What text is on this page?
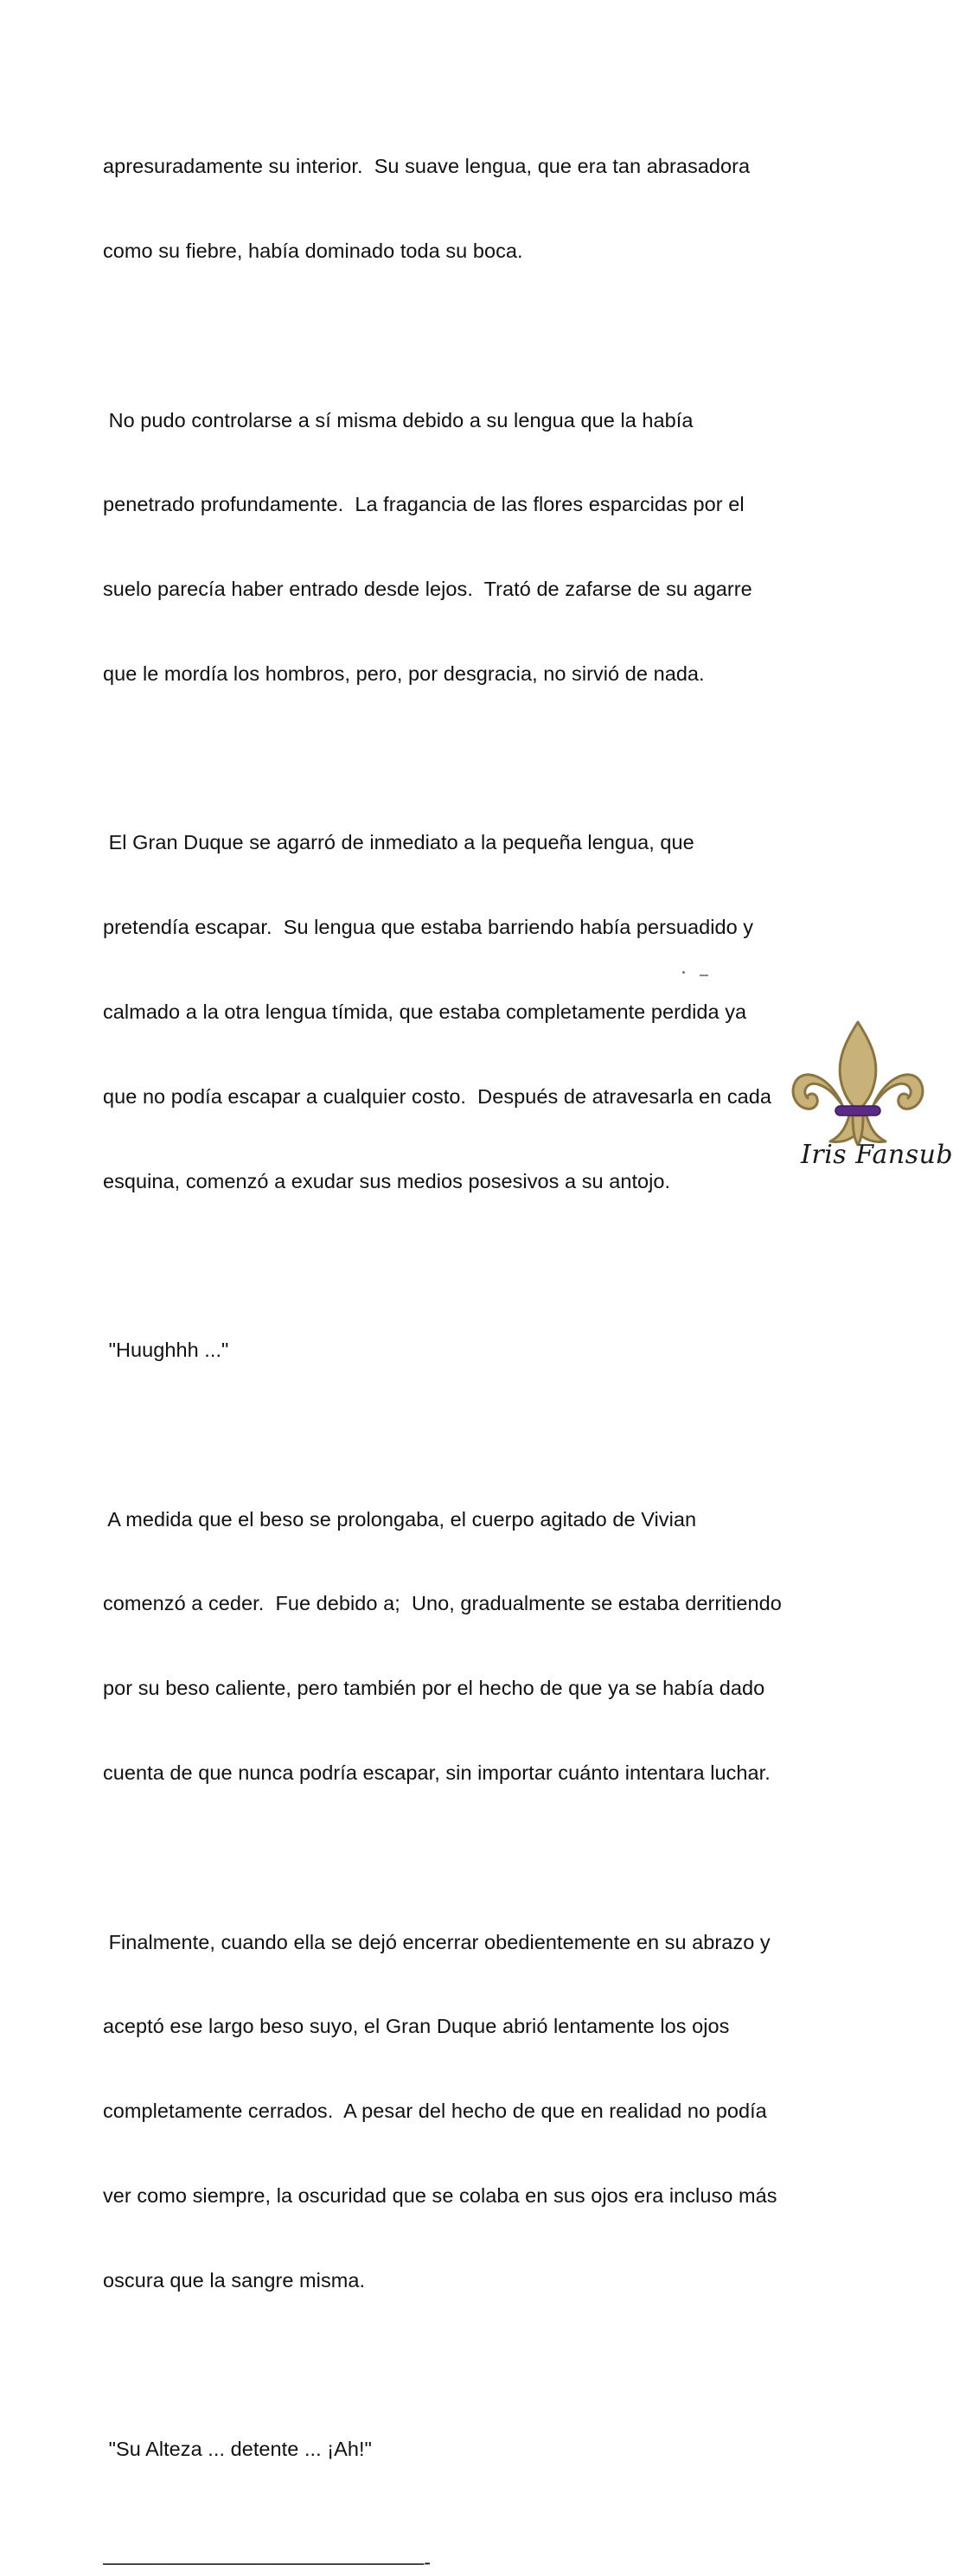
apresuradamente su interior.  Su suave lengua, que era tan abrasadora

como su fiebre, había dominado toda su boca.

No pudo controlarse a sí misma debido a su lengua que la había

penetrado profundamente.  La fragancia de las flores esparcidas por el

suelo parecía haber entrado desde lejos.  Trató de zafarse de su agarre

que le mordía los hombros, pero, por desgracia, no sirvió de nada.

El Gran Duque se agarró de inmediato a la pequeña lengua, que

pretendía escapar.  Su lengua que estaba barriendo había persuadido y

calmado a la otra lengua tímida, que estaba completamente perdida ya

que no podía escapar a cualquier costo.  Después de atravesarla en cada

esquina, comenzó a exudar sus medios posesivos a su antojo.

"Huughhh ..."

A medida que el beso se prolongaba, el cuerpo agitado de Vivian

comenzó a ceder.  Fue debido a;  Uno, gradualmente se estaba derritiendo

por su beso caliente, pero también por el hecho de que ya se había dado

cuenta de que nunca podría escapar, sin importar cuánto intentara luchar.

Finalmente, cuando ella se dejó encerrar obedientemente en su abrazo y

aceptó ese largo beso suyo, el Gran Duque abrió lentamente los ojos

completamente cerrados.  A pesar del hecho de que en realidad no podía

ver como siempre, la oscuridad que se colaba en sus ojos era incluso más

oscura que la sangre misma.

"Su Alteza ... detente ... ¡Ah!"

————————————————-

Iris Fansub
